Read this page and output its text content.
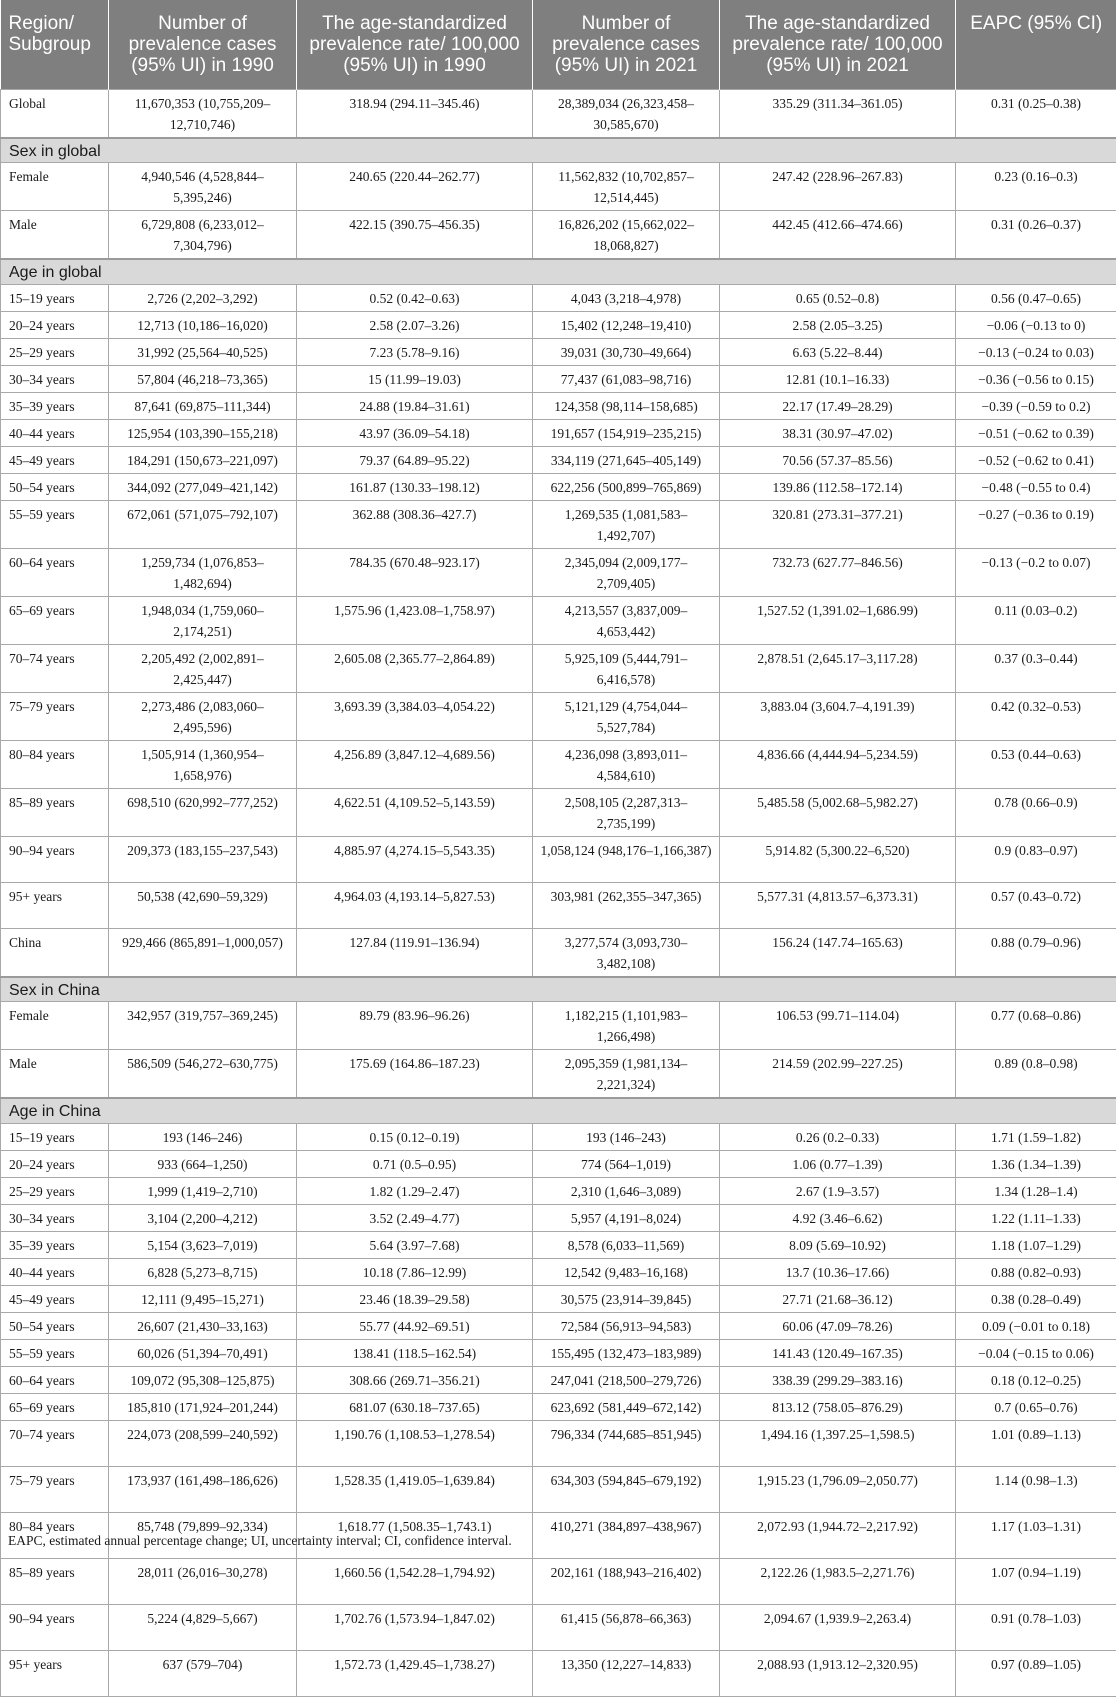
Region/ Subgroup	Number of prevalence cases (95% UI) in 1990	The age-standardized prevalence rate/ 100,000 (95% UI) in 1990	Number of prevalence cases (95% UI) in 2021	The age-standardized prevalence rate/ 100,000 (95% UI) in 2021	EAPC (95% CI)
Global	11,670,353 (10,755,209–12,710,746)	318.94 (294.11–345.46)	28,389,034 (26,323,458–30,585,670)	335.29 (311.34–361.05)	0.31 (0.25–0.38)
Sex in global					
Female	4,940,546 (4,528,844–5,395,246)	240.65 (220.44–262.77)	11,562,832 (10,702,857–12,514,445)	247.42 (228.96–267.83)	0.23 (0.16–0.3)
Male	6,729,808 (6,233,012–7,304,796)	422.15 (390.75–456.35)	16,826,202 (15,662,022–18,068,827)	442.45 (412.66–474.66)	0.31 (0.26–0.37)
Age in global					
15–19 years	2,726 (2,202–3,292)	0.52 (0.42–0.63)	4,043 (3,218–4,978)	0.65 (0.52–0.8)	0.56 (0.47–0.65)
20–24 years	12,713 (10,186–16,020)	2.58 (2.07–3.26)	15,402 (12,248–19,410)	2.58 (2.05–3.25)	−0.06 (−0.13 to 0)
25–29 years	31,992 (25,564–40,525)	7.23 (5.78–9.16)	39,031 (30,730–49,664)	6.63 (5.22–8.44)	−0.13 (−0.24 to 0.03)
30–34 years	57,804 (46,218–73,365)	15 (11.99–19.03)	77,437 (61,083–98,716)	12.81 (10.1–16.33)	−0.36 (−0.56 to 0.15)
35–39 years	87,641 (69,875–111,344)	24.88 (19.84–31.61)	124,358 (98,114–158,685)	22.17 (17.49–28.29)	−0.39 (−0.59 to 0.2)
40–44 years	125,954 (103,390–155,218)	43.97 (36.09–54.18)	191,657 (154,919–235,215)	38.31 (30.97–47.02)	−0.51 (−0.62 to 0.39)
45–49 years	184,291 (150,673–221,097)	79.37 (64.89–95.22)	334,119 (271,645–405,149)	70.56 (57.37–85.56)	−0.52 (−0.62 to 0.41)
50–54 years	344,092 (277,049–421,142)	161.87 (130.33–198.12)	622,256 (500,899–765,869)	139.86 (112.58–172.14)	−0.48 (−0.55 to 0.4)
55–59 years	672,061 (571,075–792,107)	362.88 (308.36–427.7)	1,269,535 (1,081,583–1,492,707)	320.81 (273.31–377.21)	−0.27 (−0.36 to 0.19)
60–64 years	1,259,734 (1,076,853–1,482,694)	784.35 (670.48–923.17)	2,345,094 (2,009,177–2,709,405)	732.73 (627.77–846.56)	−0.13 (−0.2 to 0.07)
65–69 years	1,948,034 (1,759,060–2,174,251)	1,575.96 (1,423.08–1,758.97)	4,213,557 (3,837,009–4,653,442)	1,527.52 (1,391.02–1,686.99)	0.11 (0.03–0.2)
70–74 years	2,205,492 (2,002,891–2,425,447)	2,605.08 (2,365.77–2,864.89)	5,925,109 (5,444,791–6,416,578)	2,878.51 (2,645.17–3,117.28)	0.37 (0.3–0.44)
75–79 years	2,273,486 (2,083,060–2,495,596)	3,693.39 (3,384.03–4,054.22)	5,121,129 (4,754,044–5,527,784)	3,883.04 (3,604.7–4,191.39)	0.42 (0.32–0.53)
80–84 years	1,505,914 (1,360,954–1,658,976)	4,256.89 (3,847.12–4,689.56)	4,236,098 (3,893,011–4,584,610)	4,836.66 (4,444.94–5,234.59)	0.53 (0.44–0.63)
85–89 years	698,510 (620,992–777,252)	4,622.51 (4,109.52–5,143.59)	2,508,105 (2,287,313–2,735,199)	5,485.58 (5,002.68–5,982.27)	0.78 (0.66–0.9)
90–94 years	209,373 (183,155–237,543)	4,885.97 (4,274.15–5,543.35)	1,058,124 (948,176–1,166,387)	5,914.82 (5,300.22–6,520)	0.9 (0.83–0.97)
95+ years	50,538 (42,690–59,329)	4,964.03 (4,193.14–5,827.53)	303,981 (262,355–347,365)	5,577.31 (4,813.57–6,373.31)	0.57 (0.43–0.72)
China	929,466 (865,891–1,000,057)	127.84 (119.91–136.94)	3,277,574 (3,093,730–3,482,108)	156.24 (147.74–165.63)	0.88 (0.79–0.96)
Sex in China					
Female	342,957 (319,757–369,245)	89.79 (83.96–96.26)	1,182,215 (1,101,983–1,266,498)	106.53 (99.71–114.04)	0.77 (0.68–0.86)
Male	586,509 (546,272–630,775)	175.69 (164.86–187.23)	2,095,359 (1,981,134–2,221,324)	214.59 (202.99–227.25)	0.89 (0.8–0.98)
Age in China					
15–19 years	193 (146–246)	0.15 (0.12–0.19)	193 (146–243)	0.26 (0.2–0.33)	1.71 (1.59–1.82)
20–24 years	933 (664–1,250)	0.71 (0.5–0.95)	774 (564–1,019)	1.06 (0.77–1.39)	1.36 (1.34–1.39)
25–29 years	1,999 (1,419–2,710)	1.82 (1.29–2.47)	2,310 (1,646–3,089)	2.67 (1.9–3.57)	1.34 (1.28–1.4)
30–34 years	3,104 (2,200–4,212)	3.52 (2.49–4.77)	5,957 (4,191–8,024)	4.92 (3.46–6.62)	1.22 (1.11–1.33)
35–39 years	5,154 (3,623–7,019)	5.64 (3.97–7.68)	8,578 (6,033–11,569)	8.09 (5.69–10.92)	1.18 (1.07–1.29)
40–44 years	6,828 (5,273–8,715)	10.18 (7.86–12.99)	12,542 (9,483–16,168)	13.7 (10.36–17.66)	0.88 (0.82–0.93)
45–49 years	12,111 (9,495–15,271)	23.46 (18.39–29.58)	30,575 (23,914–39,845)	27.71 (21.68–36.12)	0.38 (0.28–0.49)
50–54 years	26,607 (21,430–33,163)	55.77 (44.92–69.51)	72,584 (56,913–94,583)	60.06 (47.09–78.26)	0.09 (−0.01 to 0.18)
55–59 years	60,026 (51,394–70,491)	138.41 (118.5–162.54)	155,495 (132,473–183,989)	141.43 (120.49–167.35)	−0.04 (−0.15 to 0.06)
60–64 years	109,072 (95,308–125,875)	308.66 (269.71–356.21)	247,041 (218,500–279,726)	338.39 (299.29–383.16)	0.18 (0.12–0.25)
65–69 years	185,810 (171,924–201,244)	681.07 (630.18–737.65)	623,692 (581,449–672,142)	813.12 (758.05–876.29)	0.7 (0.65–0.76)
70–74 years	224,073 (208,599–240,592)	1,190.76 (1,108.53–1,278.54)	796,334 (744,685–851,945)	1,494.16 (1,397.25–1,598.5)	1.01 (0.89–1.13)
75–79 years	173,937 (161,498–186,626)	1,528.35 (1,419.05–1,639.84)	634,303 (594,845–679,192)	1,915.23 (1,796.09–2,050.77)	1.14 (0.98–1.3)
80–84 years	85,748 (79,899–92,334)	1,618.77 (1,508.35–1,743.1)	410,271 (384,897–438,967)	2,072.93 (1,944.72–2,217.92)	1.17 (1.03–1.31)
85–89 years	28,011 (26,016–30,278)	1,660.56 (1,542.28–1,794.92)	202,161 (188,943–216,402)	2,122.26 (1,983.5–2,271.76)	1.07 (0.94–1.19)
90–94 years	5,224 (4,829–5,667)	1,702.76 (1,573.94–1,847.02)	61,415 (56,878–66,363)	2,094.67 (1,939.9–2,263.4)	0.91 (0.78–1.03)
95+ years	637 (579–704)	1,572.73 (1,429.45–1,738.27)	13,350 (12,227–14,833)	2,088.93 (1,913.12–2,320.95)	0.97 (0.89–1.05)
EAPC, estimated annual percentage change; UI, uncertainty interval; CI, confidence interval.
